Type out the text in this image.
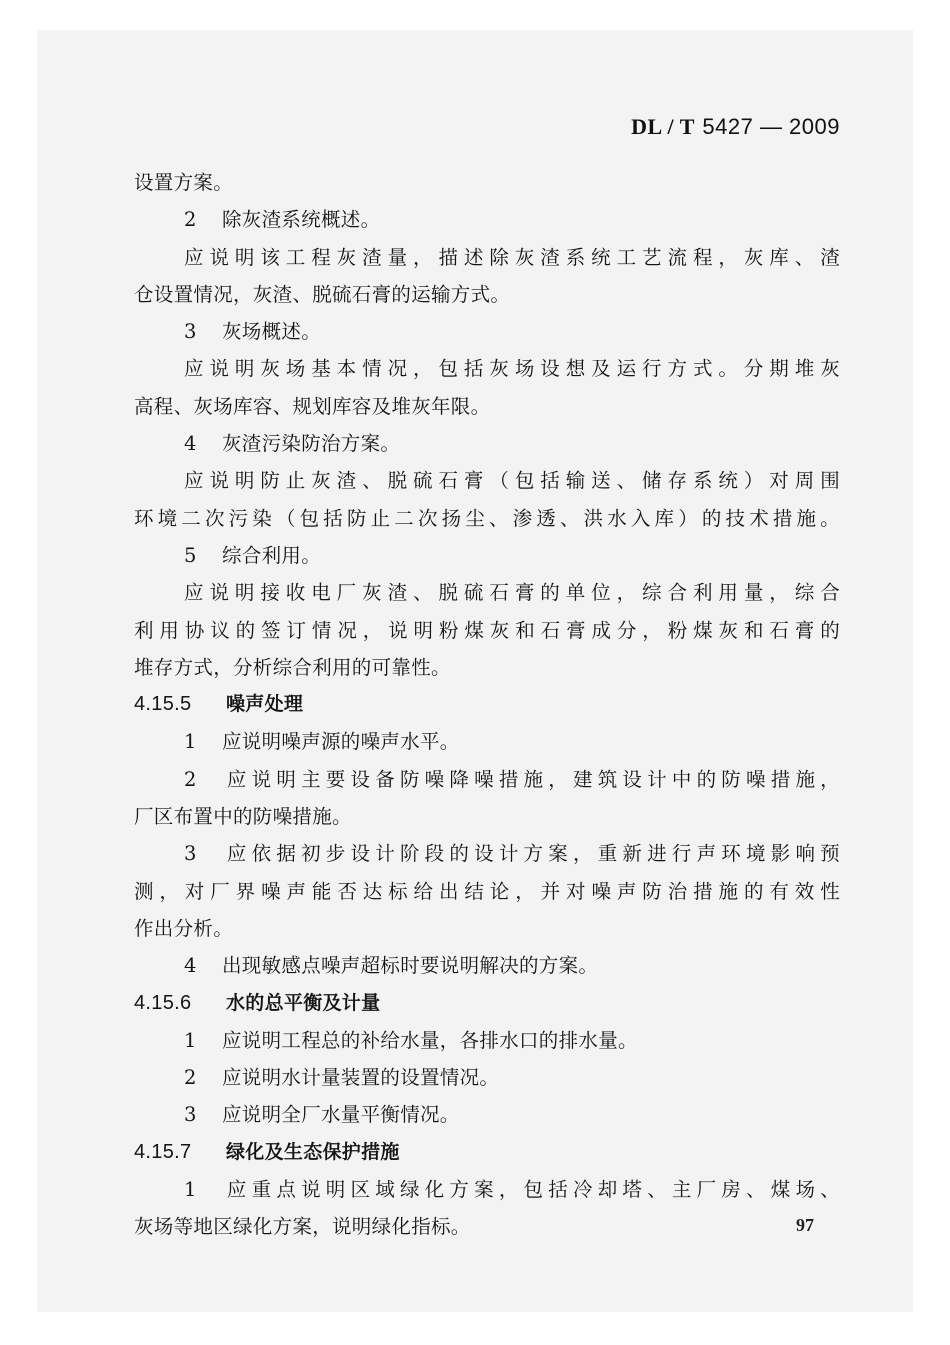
DL / T 5427 — 2009
设置方案。
2 除灰渣系统概述。
应说明该工程灰渣量，描述除灰渣系统工艺流程，灰库、渣
仓设置情况，灰渣、脱硫石膏的运输方式。
3 灰场概述。
应说明灰场基本情况，包括灰场设想及运行方式。分期堆灰
高程、灰场库容、规划库容及堆灰年限。
4 灰渣污染防治方案。
应说明防止灰渣、脱硫石膏（包括输送、储存系统）对周围
环境二次污染（包括防止二次扬尘、渗透、洪水入库）的技术措施。
5 综合利用。
应说明接收电厂灰渣、脱硫石膏的单位，综合利用量，综合
利用协议的签订情况，说明粉煤灰和石膏成分，粉煤灰和石膏的
堆存方式，分析综合利用的可靠性。
4.15.5 噪声处理
1 应说明噪声源的噪声水平。
2 应说明主要设备防噪降噪措施，建筑设计中的防噪措施，
厂区布置中的防噪措施。
3 应依据初步设计阶段的设计方案，重新进行声环境影响预
测，对厂界噪声能否达标给出结论，并对噪声防治措施的有效性
作出分析。
4 出现敏感点噪声超标时要说明解决的方案。
4.15.6 水的总平衡及计量
1 应说明工程总的补给水量，各排水口的排水量。
2 应说明水计量装置的设置情况。
3 应说明全厂水量平衡情况。
4.15.7 绿化及生态保护措施
1 应重点说明区域绿化方案，包括冷却塔、主厂房、煤场、
灰场等地区绿化方案，说明绿化指标。	97
